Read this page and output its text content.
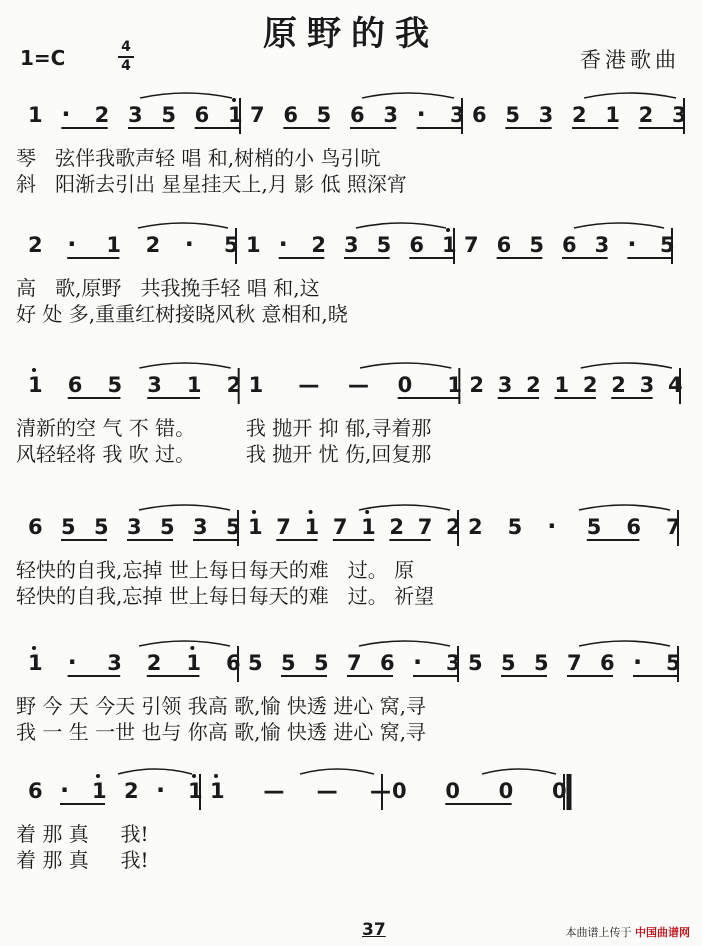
原野的我
1=C	4
4	香港歌曲
1 · 2 3 5 6 1 7 6 5 6 3 · 3 6 5 3 2 1 2 3
琴   弦伴我歌声轻 唱 和,树梢的小 鸟引吭
斜   阳渐去引出 星星挂天上,月 影 低 照深宵
2 · 1 2 · 5 1 · 2 3 5 6 1 7 6 5 6 3 · 5
高   歌,原野   共我挽手轻 唱 和,这
好 处 多,重重红树接晓风秋 意相和,晓
1 6 5 3 1 2 1 — — 0 1 2 3 2 1 2 2 3 4
清新的空 气 不 错。        我 抛开 抑 郁,寻着那
风轻轻将 我 吹 过。        我 抛开 忧 伤,回复那
6 5 5 3 5 3 5 1 7 1 7 1 2 7 2 2 5 · 5 6 7
轻快的自我,忘掉 世上每日每天的难   过。 原
轻快的自我,忘掉 世上每日每天的难   过。 祈望
1 · 3 2 1 6 5 5 5 7 6 · 3 5 5 5 7 6 · 5
野 今 天 今天 引领 我高 歌,愉 快透 进心 窝,寻
我 一 生 一世 也与 你高 歌,愉 快透 进心 窝,寻
6 · 1 2 · 1 1 — — — 0 0 0 0
着 那 真     我!
着 那 真     我!
37	本曲谱上传于 中国曲谱网
